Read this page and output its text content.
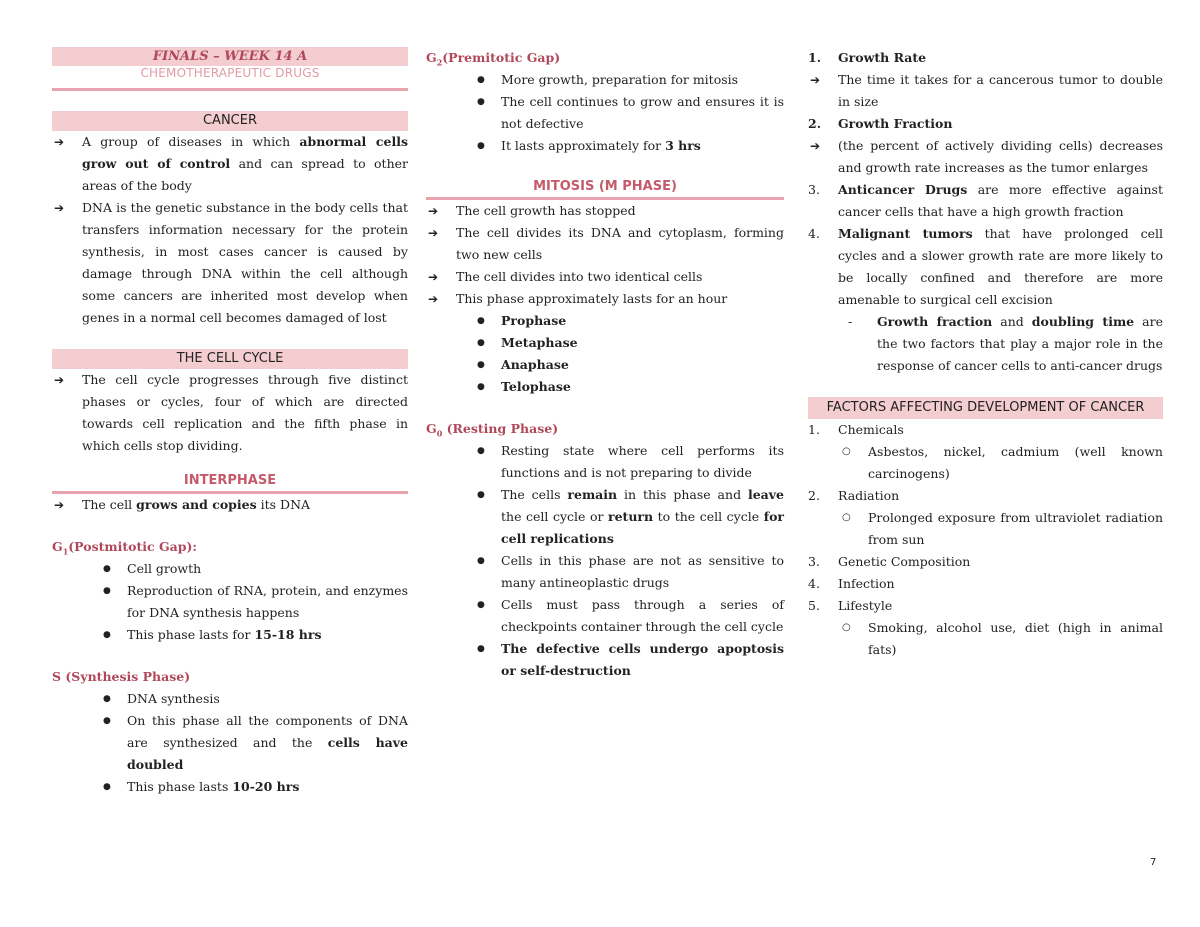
FINALS – WEEK 14 A
CHEMOTHERAPEUTIC DRUGS
CANCER
➔ A group of diseases in which abnormal cells grow out of control and can spread to other areas of the body
➔ DNA is the genetic substance in the body cells that transfers information necessary for the protein synthesis, in most cases cancer is caused by damage through DNA within the cell although some cancers are inherited most develop when genes in a normal cell becomes damaged of lost
THE CELL CYCLE
➔ The cell cycle progresses through five distinct phases or cycles, four of which are directed towards cell replication and the fifth phase in which cells stop dividing.
INTERPHASE
➔ The cell grows and copies its DNA
$G_1(Postmitotic$ Gap):
● Cell growth
● Reproduction of RNA, protein, and enzymes for DNA synthesis happens
● This phase lasts for 15-18 hrs
S (Synthesis Phase)
● DNA synthesis
● On this phase all the components of DNA are synthesized and the cells have doubled
● This phase lasts 10-20 hrs
$G_2(Premitotic$ Gap)
● More growth, preparation for mitosis
● The cell continues to grow and ensures it is not defective
● It lasts approximately for 3 hrs
MITOSIS (M PHASE)
➔ The cell growth has stopped
➔ The cell divides its DNA and cytoplasm, forming two new cells
➔ The cell divides into two identical cells
➔ This phase approximately lasts for an hour
● Prophase
● Metaphase
● Anaphase
● Telophase
$G_0$ (Resting Phase)
● Resting state where cell performs its functions and is not preparing to divide
● The cells remain in this phase and leave the cell cycle or return to the cell cycle for cell replications
● Cells in this phase are not as sensitive to many antineoplastic drugs
● Cells must pass through a series of checkpoints container through the cell cycle
● The defective cells undergo apoptosis or self-destruction
1. Growth Rate
➔ The time it takes for a cancerous tumor to double in size
2. Growth Fraction
➔ (the percent of actively dividing cells) decreases and growth rate increases as the tumor enlarges
3. Anticancer Drugs are more effective against cancer cells that have a high growth fraction
4. Malignant tumors that have prolonged cell cycles and a slower growth rate are more likely to be locally confined and therefore are more amenable to surgical cell excision
- Growth fraction and doubling time are the two factors that play a major role in the response of cancer cells to anti-cancer drugs
FACTORS AFFECTING DEVELOPMENT OF CANCER
1. Chemicals
○ Asbestos, nickel, cadmium (well known carcinogens)
2. Radiation
○ Prolonged exposure from ultraviolet radiation from sun
3. Genetic Composition
4. Infection
5. Lifestyle
○ Smoking, alcohol use, diet (high in animal fats)
7
